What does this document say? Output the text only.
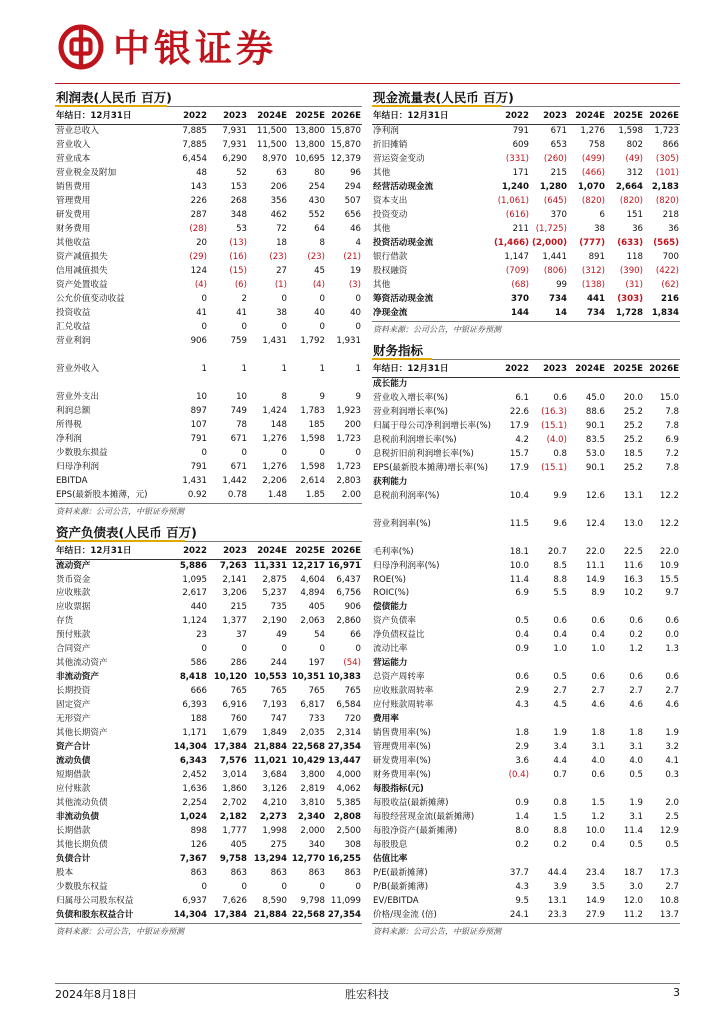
中银证券
利润表(人民币 百万)
年结日：12月31日	2022	2023	2024E	2025E	2026E
营业总收入	7,885	7,931	11,500	13,800	15,870
营业收入	7,885	7,931	11,500	13,800	15,870
营业成本	6,454	6,290	8,970	10,695	12,379
营业税金及附加	48	52	63	80	96
销售费用	143	153	206	254	294
管理费用	226	268	356	430	507
研发费用	287	348	462	552	656
财务费用	(28)	53	72	64	46
其他收益	20	(13)	18	8	4
资产减值损失	(29)	(16)	(23)	(23)	(21)
信用减值损失	124	(15)	27	45	19
资产处置收益	(4)	(6)	(1)	(4)	(3)
公允价值变动收益	0	2	0	0	0
投资收益	41	41	38	40	40
汇兑收益	0	0	0	0	0
营业利润	906	759	1,431	1,792	1,931

营业外收入	1	1	1	1	1

营业外支出	10	10	8	9	9
利润总额	897	749	1,424	1,783	1,923
所得税	107	78	148	185	200
净利润	791	671	1,276	1,598	1,723
少数股东损益	0	0	0	0	0
归母净利润	791	671	1,276	1,598	1,723
EBITDA	1,431	1,442	2,206	2,614	2,803
EPS(最新股本摊薄，元)	0.92	0.78	1.48	1.85	2.00
资料来源：公司公告，中银证券预测
资产负债表(人民币 百万)
年结日：12月31日	2022	2023	2024E	2025E	2026E
流动资产	5,886	7,263	11,331	12,217	16,971
货币资金	1,095	2,141	2,875	4,604	6,437
应收账款	2,617	3,206	5,237	4,894	6,756
应收票据	440	215	735	405	906
存货	1,124	1,377	2,190	2,063	2,860
预付账款	23	37	49	54	66
合同资产	0	0	0	0	0
其他流动资产	586	286	244	197	(54)
非流动资产	8,418	10,120	10,553	10,351	10,383
长期投资	666	765	765	765	765
固定资产	6,393	6,916	7,193	6,817	6,584
无形资产	188	760	747	733	720
其他长期资产	1,171	1,679	1,849	2,035	2,314
资产合计	14,304	17,384	21,884	22,568	27,354
流动负债	6,343	7,576	11,021	10,429	13,447
短期借款	2,452	3,014	3,684	3,800	4,000
应付账款	1,636	1,860	3,126	2,819	4,062
其他流动负债	2,254	2,702	4,210	3,810	5,385
非流动负债	1,024	2,182	2,273	2,340	2,808
长期借款	898	1,777	1,998	2,000	2,500
其他长期负债	126	405	275	340	308
负债合计	7,367	9,758	13,294	12,770	16,255
股本	863	863	863	863	863
少数股东权益	0	0	0	0	0
归属母公司股东权益	6,937	7,626	8,590	9,798	11,099
负债和股东权益合计	14,304	17,384	21,884	22,568	27,354
资料来源：公司公告，中银证券预测
现金流量表(人民币 百万)
年结日：12月31日	2022	2023	2024E	2025E	2026E
净利润	791	671	1,276	1,598	1,723
折旧摊销	609	653	758	802	866
营运资金变动	(331)	(260)	(499)	(49)	(305)
其他	171	215	(466)	312	(101)
经营活动现金流	1,240	1,280	1,070	2,664	2,183
资本支出	(1,061)	(645)	(820)	(820)	(820)
投资变动	(616)	370	6	151	218
其他	211	(1,725)	38	36	36
投资活动现金流	(1,466)	(2,000)	(777)	(633)	(565)
银行借款	1,147	1,441	891	118	700
股权融资	(709)	(806)	(312)	(390)	(422)
其他	(68)	99	(138)	(31)	(62)
筹资活动现金流	370	734	441	(303)	216
净现金流	144	14	734	1,728	1,834
资料来源：公司公告，中银证券预测
财务指标
年结日：12月31日	2022	2023	2024E	2025E	2026E
成长能力					
营业收入增长率(%)	6.1	0.6	45.0	20.0	15.0
营业利润增长率(%)	22.6	(16.3)	88.6	25.2	7.8
归属于母公司净利润增长率(%)	17.9	(15.1)	90.1	25.2	7.8
息税前利润增长率(%)	4.2	(4.0)	83.5	25.2	6.9
息税折旧前利润增长率(%)	15.7	0.8	53.0	18.5	7.2
EPS(最新股本摊薄)增长率(%)	17.9	(15.1)	90.1	25.2	7.8
获利能力					
息税前利润率(%)	10.4	9.9	12.6	13.1	12.2

营业利润率(%)	11.5	9.6	12.4	13.0	12.2

毛利率(%)	18.1	20.7	22.0	22.5	22.0
归母净利润率(%)	10.0	8.5	11.1	11.6	10.9
ROE(%)	11.4	8.8	14.9	16.3	15.5
ROIC(%)	6.9	5.5	8.9	10.2	9.7
偿债能力					
资产负债率	0.5	0.6	0.6	0.6	0.6
净负债权益比	0.4	0.4	0.4	0.2	0.0
流动比率	0.9	1.0	1.0	1.2	1.3
营运能力					
总资产周转率	0.6	0.5	0.6	0.6	0.6
应收账款周转率	2.9	2.7	2.7	2.7	2.7
应付账款周转率	4.3	4.5	4.6	4.6	4.6
费用率					
销售费用率(%)	1.8	1.9	1.8	1.8	1.9
管理费用率(%)	2.9	3.4	3.1	3.1	3.2
研发费用率(%)	3.6	4.4	4.0	4.0	4.1
财务费用率(%)	(0.4)	0.7	0.6	0.5	0.3
每股指标(元)					
每股收益(最新摊薄)	0.9	0.8	1.5	1.9	2.0
每股经营现金流(最新摊薄)	1.4	1.5	1.2	3.1	2.5
每股净资产(最新摊薄)	8.0	8.8	10.0	11.4	12.9
每股股息	0.2	0.2	0.4	0.5	0.5
估值比率					
P/E(最新摊薄)	37.7	44.4	23.4	18.7	17.3
P/B(最新摊薄)	4.3	3.9	3.5	3.0	2.7
EV/EBITDA	9.5	13.1	14.9	12.0	10.8
价格/现金流 (倍)	24.1	23.3	27.9	11.2	13.7
资料来源：公司公告，中银证券预测
2024年8月18日	胜宏科技	3
